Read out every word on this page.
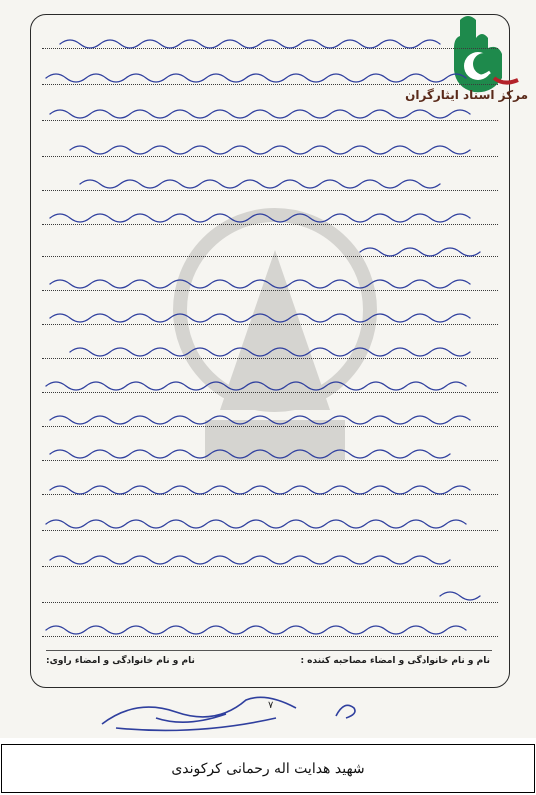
مرکز اسناد ایثارگران
نام و نام خانوادگی و امضاء مصاحبه کننده :
نام و نام خانوادگی و امضاء راوی:
۷
شهید هدایت اله رحمانی کرکوندی
